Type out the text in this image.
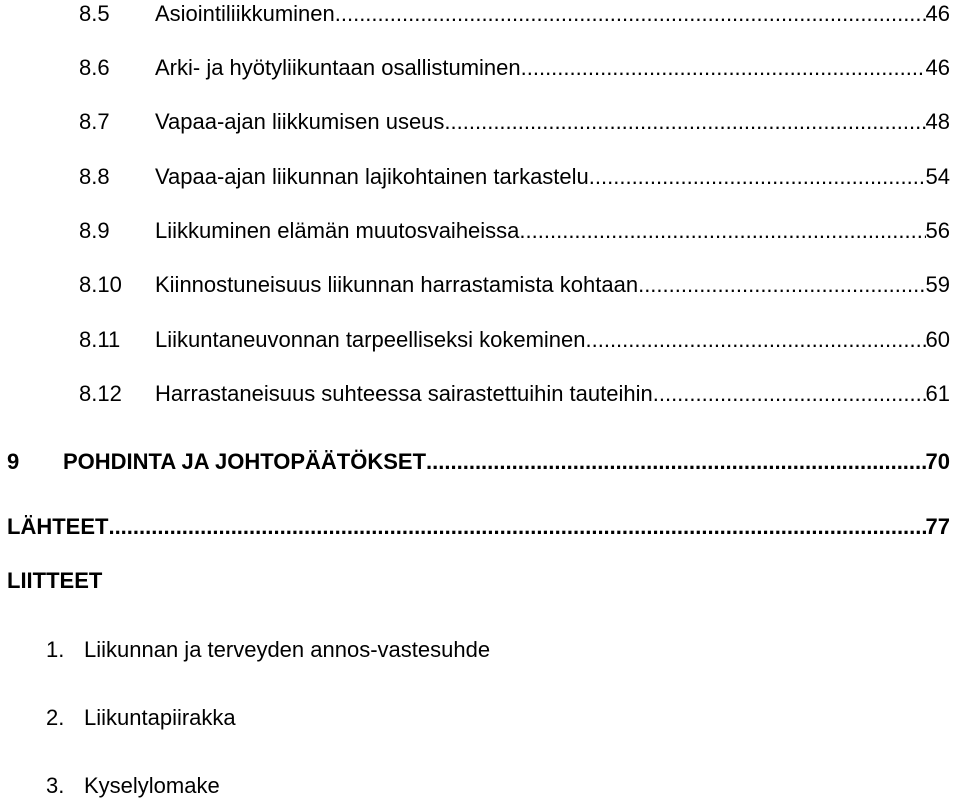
8.5	Asiointiliikkuminen .....	46
8.6	Arki- ja hyötyliikuntaan osallistuminen .....	46
8.7	Vapaa-ajan liikkumisen useus .....	48
8.8	Vapaa-ajan liikunnan lajikohtainen tarkastelu .....	54
8.9	Liikkuminen elämän muutosvaiheissa .....	56
8.10	Kiinnostuneisuus liikunnan harrastamista kohtaan .....	59
8.11	Liikuntaneuvonnan tarpeelliseksi kokeminen .....	60
8.12	Harrastaneisuus suhteessa sairastettuihin tauteihin .....	61
9	POHDINTA JA JOHTOPÄÄTÖKSET .....	70
LÄHTEET .....	77
LIITTEET
1. Liikunnan ja terveyden annos-vastesuhde
2. Liikuntapiirakka
3. Kyselylomake
